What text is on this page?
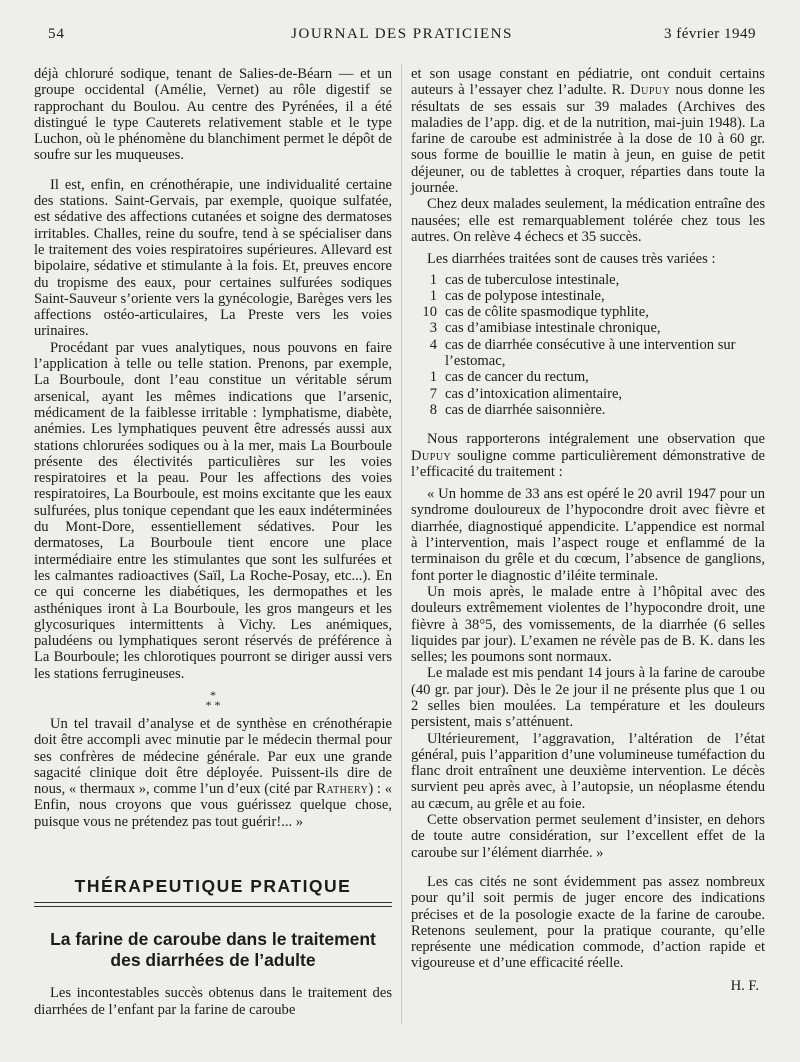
54	JOURNAL DES PRATICIENS	3 février 1949

déjà chloruré sodique, tenant de Salies-de-Béarn — et un groupe occidental (Amélie, Vernet) au rôle digestif se rapprochant du Boulou. Au centre des Pyrénées, il a été distingué le type Cauterets relativement stable et le type Luchon, où le phénomène du blanchiment permet le dépôt de soufre sur les muqueuses.

Il est, enfin, en crénothérapie, une individualité certaine des stations. Saint-Gervais, par exemple, quoique sulfatée, est sédative des affections cutanées et soigne des dermatoses irritables. Challes, reine du soufre, tend à se spécialiser dans le traitement des voies respiratoires supérieures. Allevard est bipolaire, sédative et stimulante à la fois. Et, preuves encore du tropisme des eaux, pour certaines sulfurées sodiques Saint-Sauveur s’oriente vers la gynécologie, Barèges vers les affections ostéo-articulaires, La Preste vers les voies urinaires.

Procédant par vues analytiques, nous pouvons en faire l’application à telle ou telle station. Prenons, par exemple, La Bourboule, dont l’eau constitue un véritable sérum arsenical, ayant les mêmes indications que l’arsenic, médicament de la faiblesse irritable : lymphatisme, diabète, anémies. Les lymphatiques peuvent être adressés aussi aux stations chlorurées sodiques ou à la mer, mais La Bourboule présente des électivités particulières sur les voies respiratoires et la peau. Pour les affections des voies respiratoires, La Bourboule, est moins excitante que les eaux sulfurées, plus tonique cependant que les eaux indéterminées du Mont-Dore, essentiellement sédatives. Pour les dermatoses, La Bourboule tient encore une place intermédiaire entre les stimulantes que sont les sulfurées et les calmantes radioactives (Saïl, La Roche-Posay, etc...). En ce qui concerne les diabétiques, les dermopathes et les asthéniques iront à La Bourboule, les gros mangeurs et les glycosuriques intermittents à Vichy. Les anémiques, paludéens ou lymphatiques seront réservés de préférence à La Bourboule; les chlorotiques pourront se diriger aussi vers les stations ferrugineuses.

*
* *

Un tel travail d’analyse et de synthèse en crénothérapie doit être accompli avec minutie par le médecin thermal pour ses confrères de médecine générale. Par eux une grande sagacité clinique doit être déployée. Puissent-ils dire de nous, « thermaux », comme l’un d’eux (cité par Rathery) : « Enfin, nous croyons que vous guérissez quelque chose, puisque vous ne prétendez pas tout guérir!... »

THÉRAPEUTIQUE PRATIQUE
La farine de caroube dans le traitement des diarrhées de l’adulte

Les incontestables succès obtenus dans le traitement des diarrhées de l’enfant par la farine de caroube

et son usage constant en pédiatrie, ont conduit certains auteurs à l’essayer chez l’adulte. R. Dupuy nous donne les résultats de ses essais sur 39 malades (Archives des maladies de l’app. dig. et de la nutrition, mai-juin 1948). La farine de caroube est administrée à la dose de 10 à 60 gr. sous forme de bouillie le matin à jeun, en guise de petit déjeuner, ou de tablettes à croquer, réparties dans toute la journée.

Chez deux malades seulement, la médication entraîne des nausées; elle est remarquablement tolérée chez tous les autres. On relève 4 échecs et 35 succès.

Les diarrhées traitées sont de causes très variées :

1 cas de tuberculose intestinale,
1 cas de polypose intestinale,
10 cas de côlite spasmodique typhlite,
3 cas d’amibiase intestinale chronique,
4 cas de diarrhée consécutive à une intervention sur l’estomac,
1 cas de cancer du rectum,
7 cas d’intoxication alimentaire,
8 cas de diarrhée saisonnière.

Nous rapporterons intégralement une observation que Dupuy souligne comme particulièrement démonstrative de l’efficacité du traitement :

« Un homme de 33 ans est opéré le 20 avril 1947 pour un syndrome douloureux de l’hypocondre droit avec fièvre et diarrhée, diagnostiqué appendicite. L’appendice est normal à l’intervention, mais l’aspect rouge et enflammé de la terminaison du grêle et du cœcum, l’absence de ganglions, font porter le diagnostic d’iléite terminale.

Un mois après, le malade entre à l’hôpital avec des douleurs extrêmement violentes de l’hypocondre droit, une fièvre à 38°5, des vomissements, de la diarrhée (6 selles liquides par jour). L’examen ne révèle pas de B. K. dans les selles; les poumons sont normaux.

Le malade est mis pendant 14 jours à la farine de caroube (40 gr. par jour). Dès le 2e jour il ne présente plus que 1 ou 2 selles bien moulées. La température et les douleurs persistent, mais s’atténuent.

Ultérieurement, l’aggravation, l’altération de l’état général, puis l’apparition d’une volumineuse tuméfaction du flanc droit entraînent une deuxième intervention. Le décès survient peu après avec, à l’autopsie, un néoplasme étendu au cæcum, au grêle et au foie.

Cette observation permet seulement d’insister, en dehors de toute autre considération, sur l’excellent effet de la caroube sur l’élément diarrhée. »

Les cas cités ne sont évidemment pas assez nombreux pour qu’il soit permis de juger encore des indications précises et de la posologie exacte de la farine de caroube. Retenons seulement, pour la pratique courante, qu’elle représente une médication commode, d’action rapide et vigoureuse et d’une efficacité réelle.

H. F.
